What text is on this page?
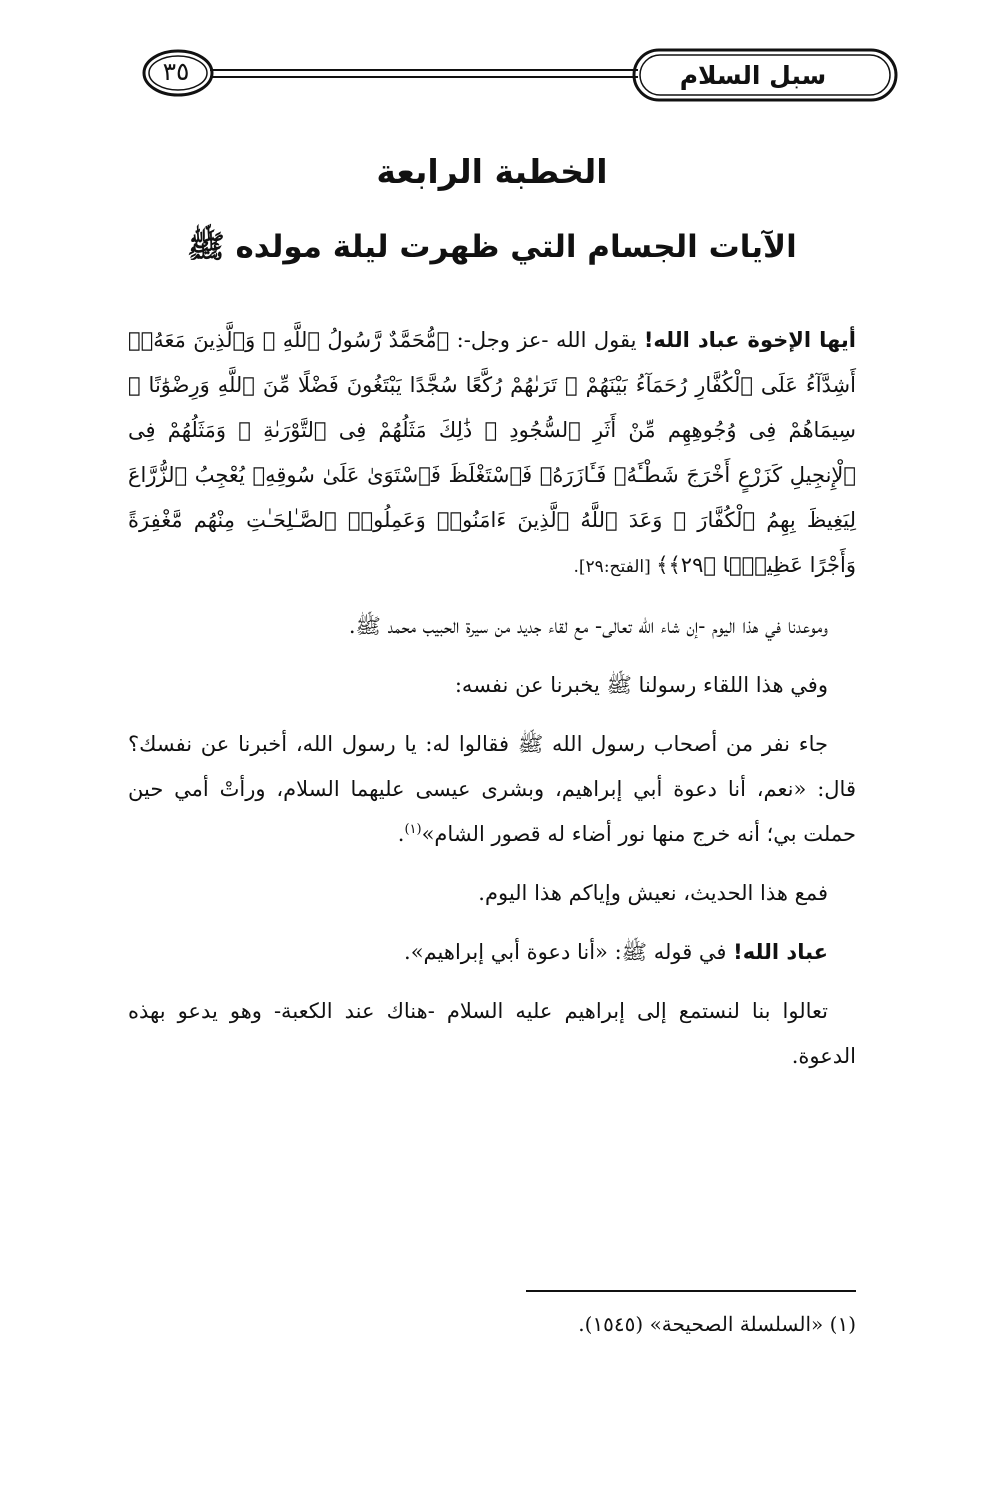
سبل السلام
٣٥
الخطبة الرابعة
الآيات الجسام التي ظهرت ليلة مولده ﷺ

أيها الإخوة عباد الله! يقول الله -عز وجل-: ﴿مُّحَمَّدٌ رَّسُولُ ٱللَّهِ ۚ وَٱلَّذِينَ مَعَهُۥٓ أَشِدَّآءُ عَلَى ٱلْكُفَّارِ رُحَمَآءُ بَيْنَهُمْ ۖ تَرَىٰهُمْ رُكَّعًا سُجَّدًا يَبْتَغُونَ فَضْلًا مِّنَ ٱللَّهِ وَرِضْوَٰنًا ۖ سِيمَاهُمْ فِى وُجُوهِهِم مِّنْ أَثَرِ ٱلسُّجُودِ ۚ ذَٰلِكَ مَثَلُهُمْ فِى ٱلتَّوْرَىٰةِ ۚ وَمَثَلُهُمْ فِى ٱلْإِنجِيلِ كَزَرْعٍ أَخْرَجَ شَطْـَٔهُۥ فَـَٔازَرَهُۥ فَٱسْتَغْلَظَ فَٱسْتَوَىٰ عَلَىٰ سُوقِهِۦ يُعْجِبُ ٱلزُّرَّاعَ لِيَغِيظَ بِهِمُ ٱلْكُفَّارَ ۗ وَعَدَ ٱللَّهُ ٱلَّذِينَ ءَامَنُوا۟ وَعَمِلُوا۟ ٱلصَّـٰلِحَـٰتِ مِنْهُم مَّغْفِرَةً وَأَجْرًا عَظِيمًۢا ﴿٢٩﴾﴾ [الفتح:٢٩].

وموعدنا في هذا اليوم -إن شاء الله تعالى- مع لقاء جديد من سيرة الحبيب محمد ﷺ.

وفي هذا اللقاء رسولنا ﷺ يخبرنا عن نفسه:

جاء نفر من أصحاب رسول الله ﷺ فقالوا له: يا رسول الله، أخبرنا عن نفسك؟ قال: «نعم، أنا دعوة أبي إبراهيم، وبشرى عيسى عليهما السلام، ورأتْ أمي حين حملت بي؛ أنه خرج منها نور أضاء له قصور الشام»$^{(١)}$.

فمع هذا الحديث، نعيش وإياكم هذا اليوم.

عباد الله! في قوله ﷺ: «أنا دعوة أبي إبراهيم».

تعالوا بنا لنستمع إلى إبراهيم عليه السلام -هناك عند الكعبة- وهو يدعو بهذه الدعوة.

(١) «السلسلة الصحيحة» (١٥٤٥).
